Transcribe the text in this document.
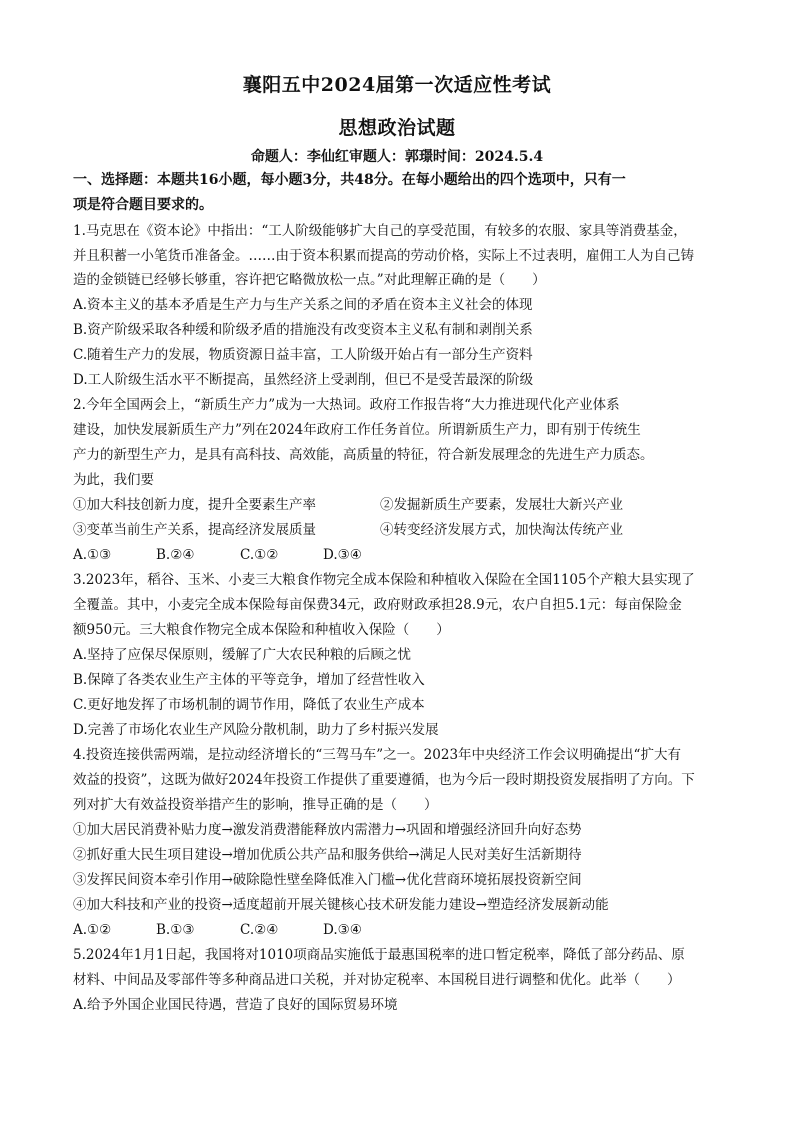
襄阳五中2024届第一次适应性考试
思想政治试题
命题人：李仙红审题人：郭璟时间：2024.5.4
一、选择题：本题共16小题，每小题3分，共48分。在每小题给出的四个选项中，只有一
项是符合题目要求的。
1.马克思在《资本论》中指出：“工人阶级能够扩大自己的享受范围，有较多的农服、家具等消费基金，
并且积蓄一小笔货币准备金。……由于资本积累而提高的劳动价格，实际上不过表明，雇佣工人为自己铸
造的金锁链已经够长够重，容许把它略微放松一点。”对此理解正确的是（　　）
A.资本主义的基本矛盾是生产力与生产关系之间的矛盾在资本主义社会的体现
B.资产阶级采取各种缓和阶级矛盾的措施没有改变资本主义私有制和剥削关系
C.随着生产力的发展，物质资源日益丰富，工人阶级开始占有一部分生产资料
D.工人阶级生活水平不断提高，虽然经济上受剥削，但已不是受苦最深的阶级
2.今年全国两会上，“新质生产力”成为一大热词。政府工作报告将“大力推进现代化产业体系
建设，加快发展新质生产力”列在2024年政府工作任务首位。所谓新质生产力，即有别于传统生
产力的新型生产力，是具有高科技、高效能，高质量的特征，符合新发展理念的先进生产力质态。
为此，我们要
①加大科技创新力度，提升全要素生产率	②发掘新质生产要素，发展壮大新兴产业
③变革当前生产关系，提高经济发展质量	④转变经济发展方式，加快淘汰传统产业
A.①③	B.②④	C.①②	D.③④
3.2023年，稻谷、玉米、小麦三大粮食作物完全成本保险和种植收入保险在全国1105个产粮大县实现了
全覆盖。其中，小麦完全成本保险每亩保费34元，政府财政承担28.9元，农户自担5.1元：每亩保险金
额950元。三大粮食作物完全成本保险和种植收入保险（　　）
A.坚持了应保尽保原则，缓解了广大农民种粮的后顾之忧
B.保障了各类农业生产主体的平等竞争，增加了经营性收入
C.更好地发挥了市场机制的调节作用，降低了农业生产成本
D.完善了市场化农业生产风险分散机制，助力了乡村振兴发展
4.投资连接供需两端，是拉动经济增长的“三驾马车”之一。2023年中央经济工作会议明确提出“扩大有
效益的投资”，这既为做好2024年投资工作提供了重要遵循，也为今后一段时期投资发展指明了方向。下
列对扩大有效益投资举措产生的影响，推导正确的是（　　）
①加大居民消费补贴力度→激发消费潜能释放内需潜力→巩固和增强经济回升向好态势
②抓好重大民生项目建设→增加优质公共产品和服务供给→满足人民对美好生活新期待
③发挥民间资本牵引作用→破除隐性壁垒降低准入门槛→优化营商环境拓展投资新空间
④加大科技和产业的投资→适度超前开展关键核心技术研发能力建设→塑造经济发展新动能
A.①②	B.①③	C.②④	D.③④
5.2024年1月1日起，我国将对1010项商品实施低于最惠国税率的进口暂定税率，降低了部分药品、原
材料、中间品及零部件等多种商品进口关税，并对协定税率、本国税目进行调整和优化。此举（　　）
A.给予外国企业国民待遇，营造了良好的国际贸易环境
